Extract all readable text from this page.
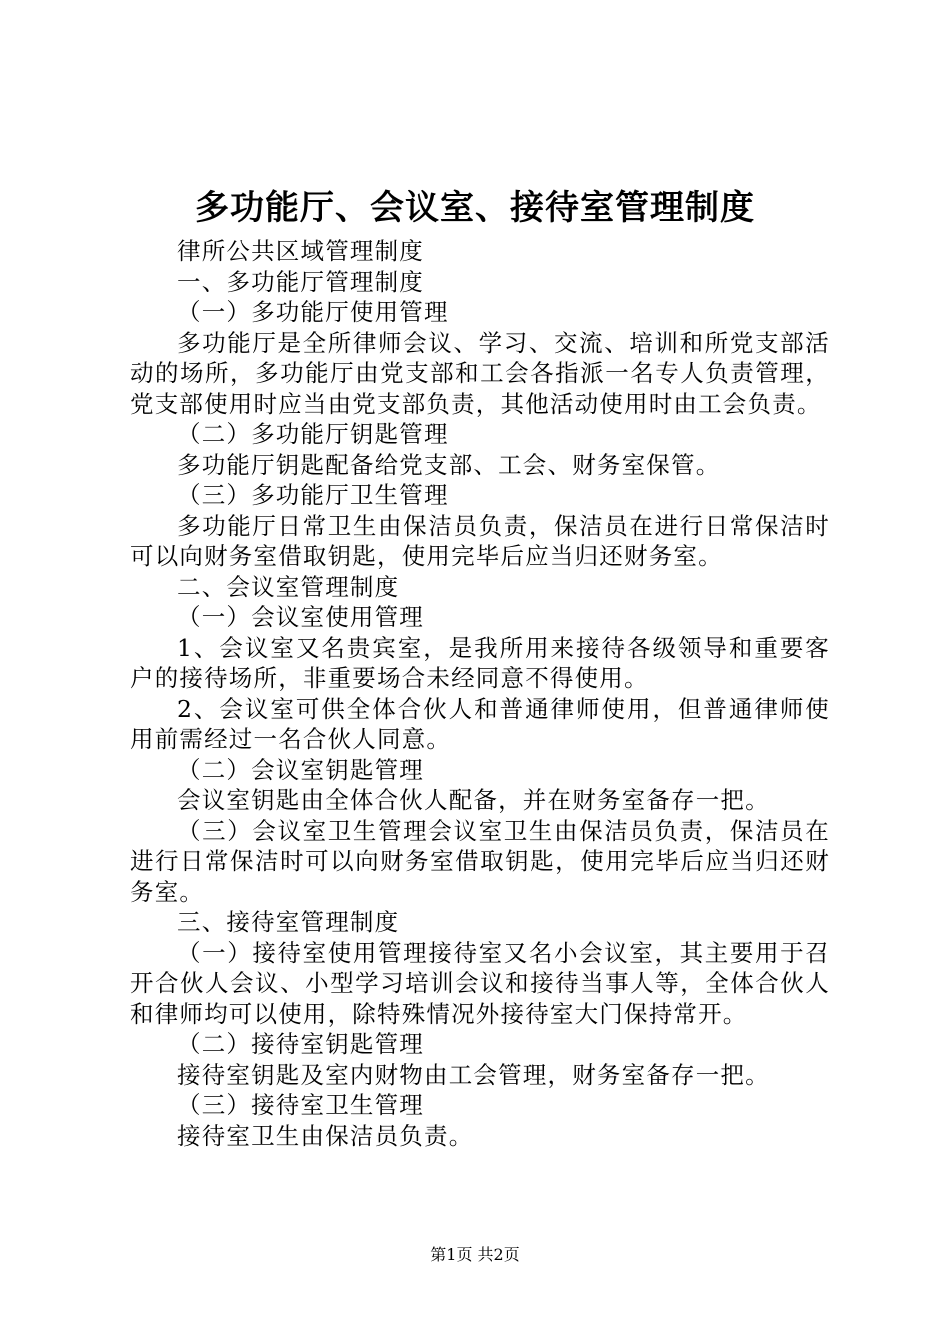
多功能厅、会议室、接待室管理制度

律所公共区域管理制度

一、多功能厅管理制度

（一）多功能厅使用管理

多功能厅是全所律师会议、学习、交流、培训和所党支部活动的场所，多功能厅由党支部和工会各指派一名专人负责管理，党支部使用时应当由党支部负责，其他活动使用时由工会负责。

（二）多功能厅钥匙管理

多功能厅钥匙配备给党支部、工会、财务室保管。

（三）多功能厅卫生管理

多功能厅日常卫生由保洁员负责，保洁员在进行日常保洁时可以向财务室借取钥匙，使用完毕后应当归还财务室。

二、会议室管理制度

（一）会议室使用管理

1、会议室又名贵宾室，是我所用来接待各级领导和重要客户的接待场所，非重要场合未经同意不得使用。

2、会议室可供全体合伙人和普通律师使用，但普通律师使用前需经过一名合伙人同意。

（二）会议室钥匙管理

会议室钥匙由全体合伙人配备，并在财务室备存一把。

（三）会议室卫生管理会议室卫生由保洁员负责，保洁员在进行日常保洁时可以向财务室借取钥匙，使用完毕后应当归还财务室。

三、接待室管理制度

（一）接待室使用管理接待室又名小会议室，其主要用于召开合伙人会议、小型学习培训会议和接待当事人等，全体合伙人和律师均可以使用，除特殊情况外接待室大门保持常开。

（二）接待室钥匙管理

接待室钥匙及室内财物由工会管理，财务室备存一把。

（三）接待室卫生管理

接待室卫生由保洁员负责。

第1页 共2页
